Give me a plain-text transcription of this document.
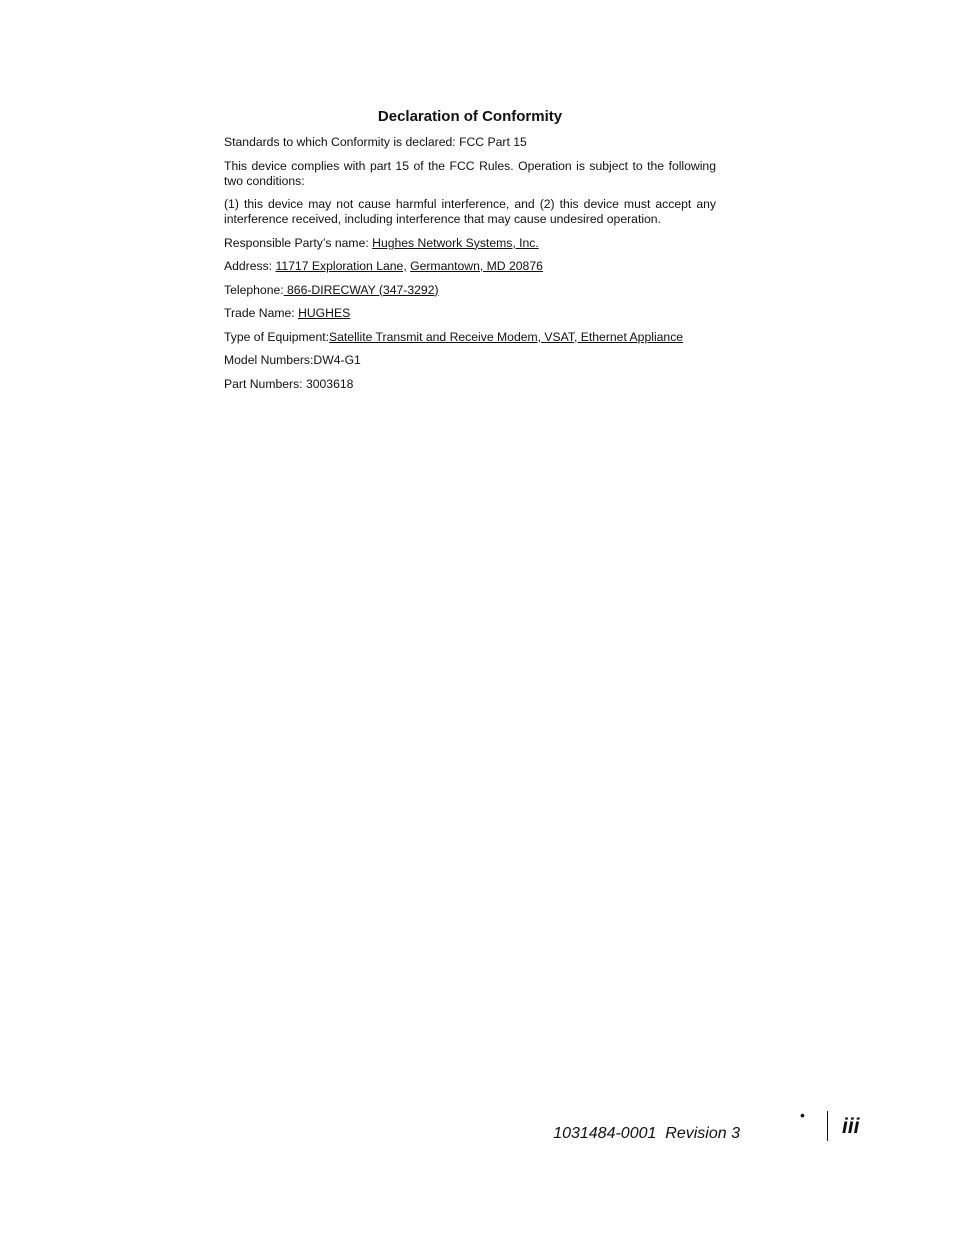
Declaration of Conformity
Standards to which Conformity is declared: FCC Part 15
This device complies with part 15 of the FCC Rules. Operation is subject to the following two conditions:
(1) this device may not cause harmful interference, and (2) this device must accept any interference received, including interference that may cause undesired operation.
Responsible Party’s name: Hughes Network Systems, Inc.
Address: 11717 Exploration Lane, Germantown, MD 20876
Telephone: 866-DIRECWAY (347-3292)
Trade Name: HUGHES
Type of Equipment:Satellite Transmit and Receive Modem, VSAT, Ethernet Appliance
Model Numbers:DW4-G1
Part Numbers: 3003618
1031484-0001 Revision 3
• iii
